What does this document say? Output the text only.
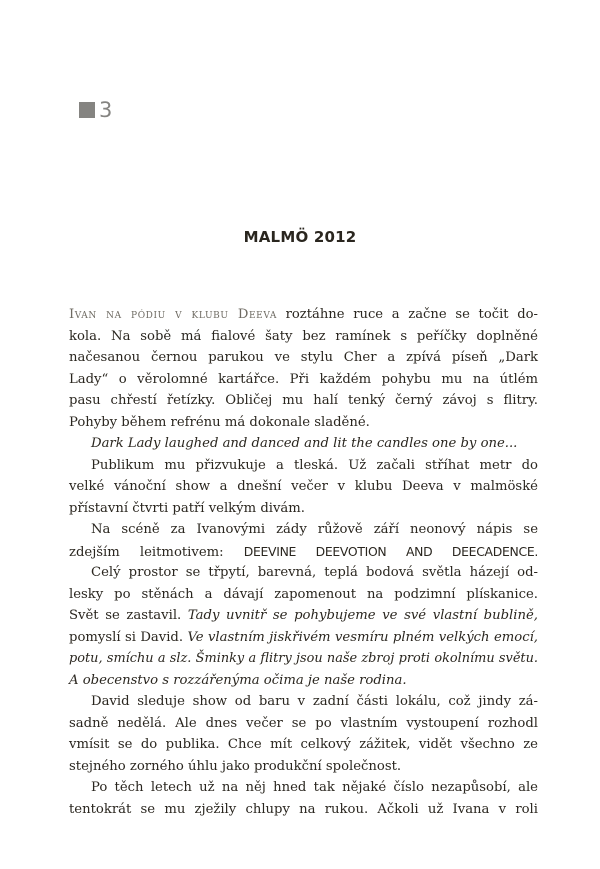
3
MALMÖ 2012
Ivan na pódiu v klubu Deeva roztáhne ruce a začne se točit do-
kola. Na sobě má fialové šaty bez ramínek s peříčky doplněné
načesanou černou parukou ve stylu Cher a zpívá píseň „Dark
Lady“ o věrolomné kartářce. Při každém pohybu mu na útlém
pasu chřestí řetízky. Obličej mu halí tenký černý závoj s flitry.
Pohyby během refrénu má dokonale sladěné.
Dark Lady laughed and danced and lit the candles one by one...
Publikum mu přizvukuje a tleská. Už začali stříhat metr do
velké vánoční show a dnešní večer v klubu Deeva v malmöské
přístavní čtvrti patří velkým divám.
Na scéně za Ivanovými zády růžově září neonový nápis se
zdejším leitmotivem: DEEVINE DEEVOTION AND DEECADENCE.
Celý prostor se třpytí, barevná, teplá bodová světla házejí od-
lesky po stěnách a dávají zapomenout na podzimní plískanice.
Svět se zastavil. Tady uvnitř se pohybujeme ve své vlastní bublině,
pomyslí si David. Ve vlastním jiskřivém vesmíru plném velkých emocí,
potu, smíchu a slz. Šminky a flitry jsou naše zbroj proti okolnímu světu.
A obecenstvo s rozzářenýma očima je naše rodina.
David sleduje show od baru v zadní části lokálu, což jindy zá-
sadně nedělá. Ale dnes večer se po vlastním vystoupení rozhodl
vmísit se do publika. Chce mít celkový zážitek, vidět všechno ze
stejného zorného úhlu jako produkční společnost.
Po těch letech už na něj hned tak nějaké číslo nezapůsobí, ale
tentokrát se mu zježily chlupy na rukou. Ačkoli už Ivana v roli
